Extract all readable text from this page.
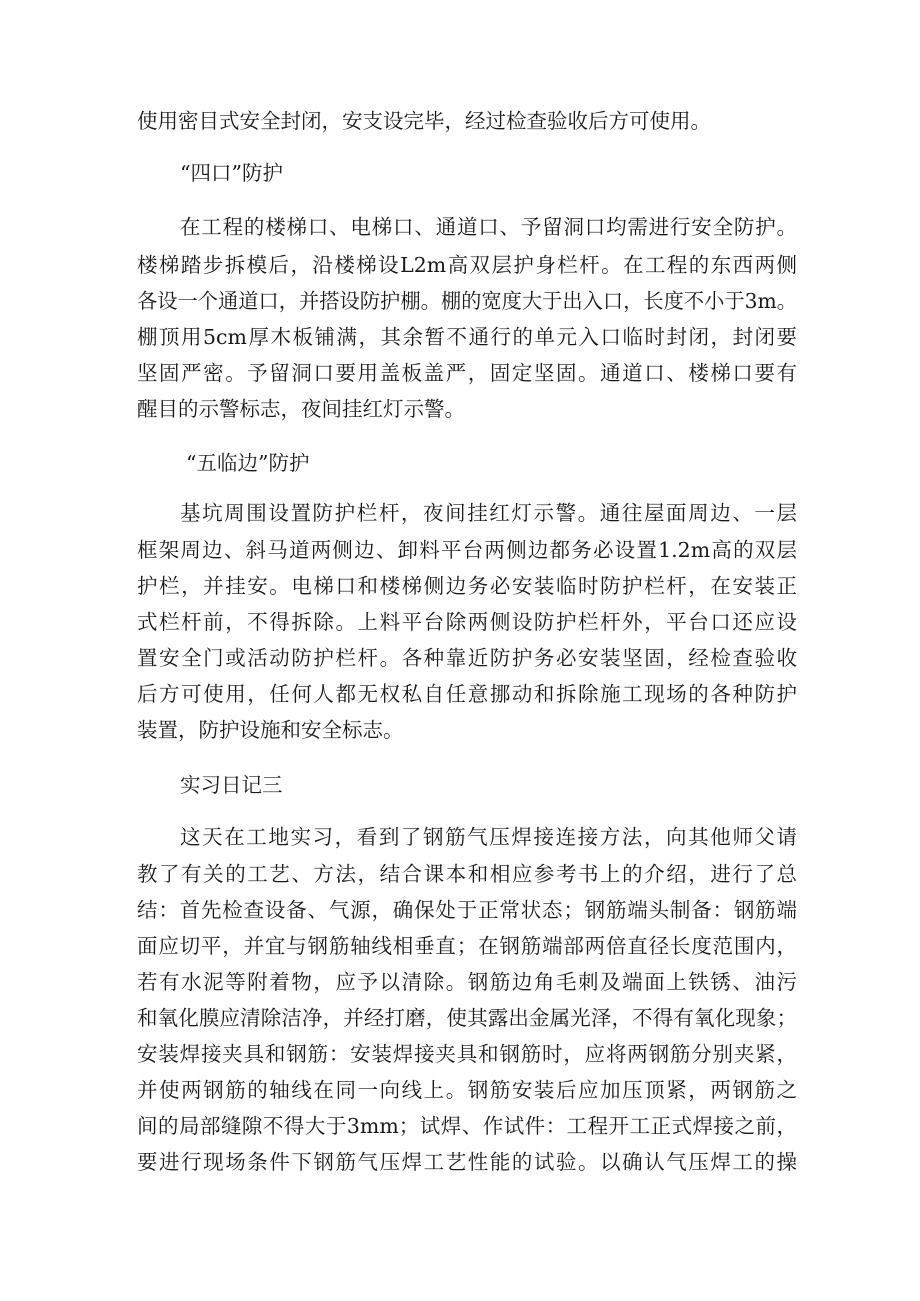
使用密目式安全封闭，安支设完毕，经过检查验收后方可使用。
“四口”防护
在工程的楼梯口、电梯口、通道口、予留洞口均需进行安全防护。
楼梯踏步拆模后，沿楼梯设L2m高双层护身栏杆。在工程的东西两侧
各设一个通道口，并搭设防护棚。棚的宽度大于出入口，长度不小于3m。
棚顶用5cm厚木板铺满，其余暂不通行的单元入口临时封闭，封闭要
坚固严密。予留洞口要用盖板盖严，固定坚固。通道口、楼梯口要有
醒目的示警标志，夜间挂红灯示警。
“五临边”防护
基坑周围设置防护栏杆，夜间挂红灯示警。通往屋面周边、一层
框架周边、斜马道两侧边、卸料平台两侧边都务必设置1.2m高的双层
护栏，并挂安。电梯口和楼梯侧边务必安装临时防护栏杆，在安装正
式栏杆前，不得拆除。上料平台除两侧设防护栏杆外，平台口还应设
置安全门或活动防护栏杆。各种靠近防护务必安装坚固，经检查验收
后方可使用，任何人都无权私自任意挪动和拆除施工现场的各种防护
装置，防护设施和安全标志。
实习日记三
这天在工地实习，看到了钢筋气压焊接连接方法，向其他师父请
教了有关的工艺、方法，结合课本和相应参考书上的介绍，进行了总
结：首先检查设备、气源，确保处于正常状态；钢筋端头制备：钢筋端
面应切平，并宜与钢筋轴线相垂直；在钢筋端部两倍直径长度范围内，
若有水泥等附着物，应予以清除。钢筋边角毛刺及端面上铁锈、油污
和氧化膜应清除洁净，并经打磨，使其露出金属光泽，不得有氧化现象；
安装焊接夹具和钢筋：安装焊接夹具和钢筋时，应将两钢筋分别夹紧，
并使两钢筋的轴线在同一向线上。钢筋安装后应加压顶紧，两钢筋之
间的局部缝隙不得大于3mm；试焊、作试件：工程开工正式焊接之前，
要进行现场条件下钢筋气压焊工艺性能的试验。以确认气压焊工的操
